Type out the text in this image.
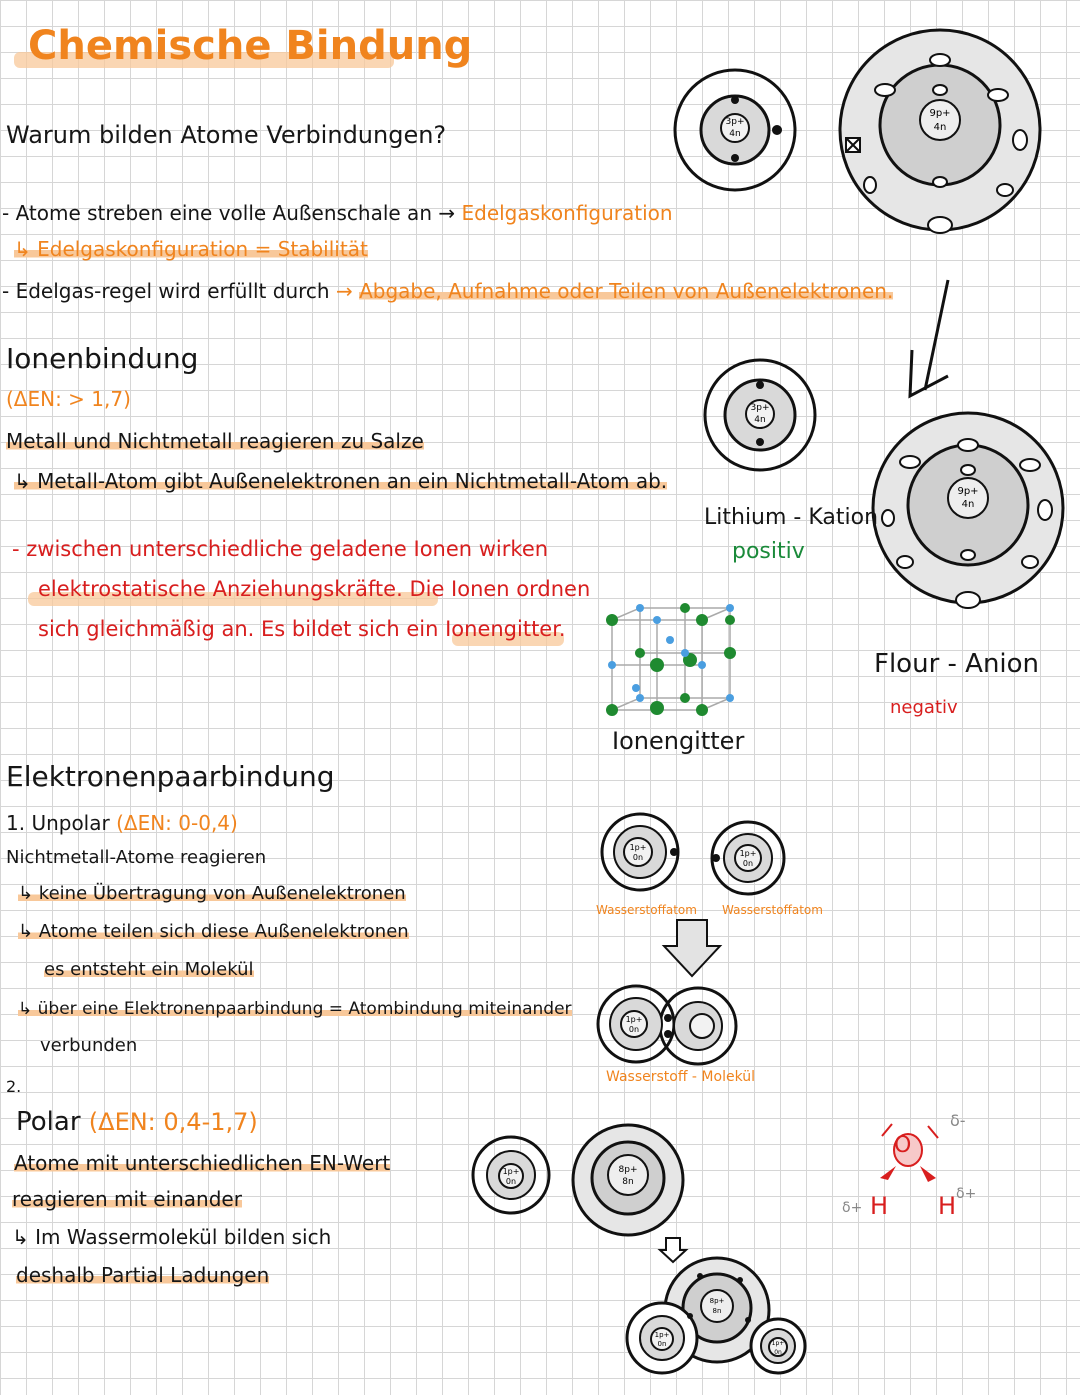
Chemische Bindung
Warum bilden Atome Verbindungen?
- Atome streben eine volle Außenschale an → Edelgaskonfiguration
↳ Edelgaskonfiguration = Stabilität
- Edelgas-regel wird erfüllt durch → Abgabe, Aufnahme oder Teilen von Außenelektronen.
Ionenbindung
(ΔEN: > 1,7)
Metall und Nichtmetall reagieren zu Salze
↳ Metall-Atom gibt Außenelektronen an ein Nichtmetall-Atom ab.
- zwischen unterschiedliche geladene Ionen wirken
elektrostatische Anziehungskräfte. Die Ionen ordnen
sich gleichmäßig an. Es bildet sich ein Ionengitter.
Elektronenpaarbindung
1. Unpolar (ΔEN: 0-0,4)
Nichtmetall-Atome reagieren
↳ keine Übertragung von Außenelektronen
↳ Atome teilen sich diese Außenelektronen
es entsteht ein Molekül
↳ über eine Elektronenpaarbindung = Atombindung miteinander
verbunden
2.
Polar (ΔEN: 0,4-1,7)
Atome mit unterschiedlichen EN-Wert
reagieren mit einander
↳ Im Wassermolekül bilden sich
deshalb Partial Ladungen
3p+
4n
9p+
4n
3p+
4n
9p+
4n
1p+
0n	1p+
0n
1p+
0n
1p+
0n
8p+
8n
8p+
8n
1p+
0n	1p+
0n
H H
δ-
δ+
δ+
Lithium - Kation
positiv
Flour - Anion
negativ
Ionengitter
Wasserstoffatom Wasserstoffatom
Wasserstoff - Molekül
O
